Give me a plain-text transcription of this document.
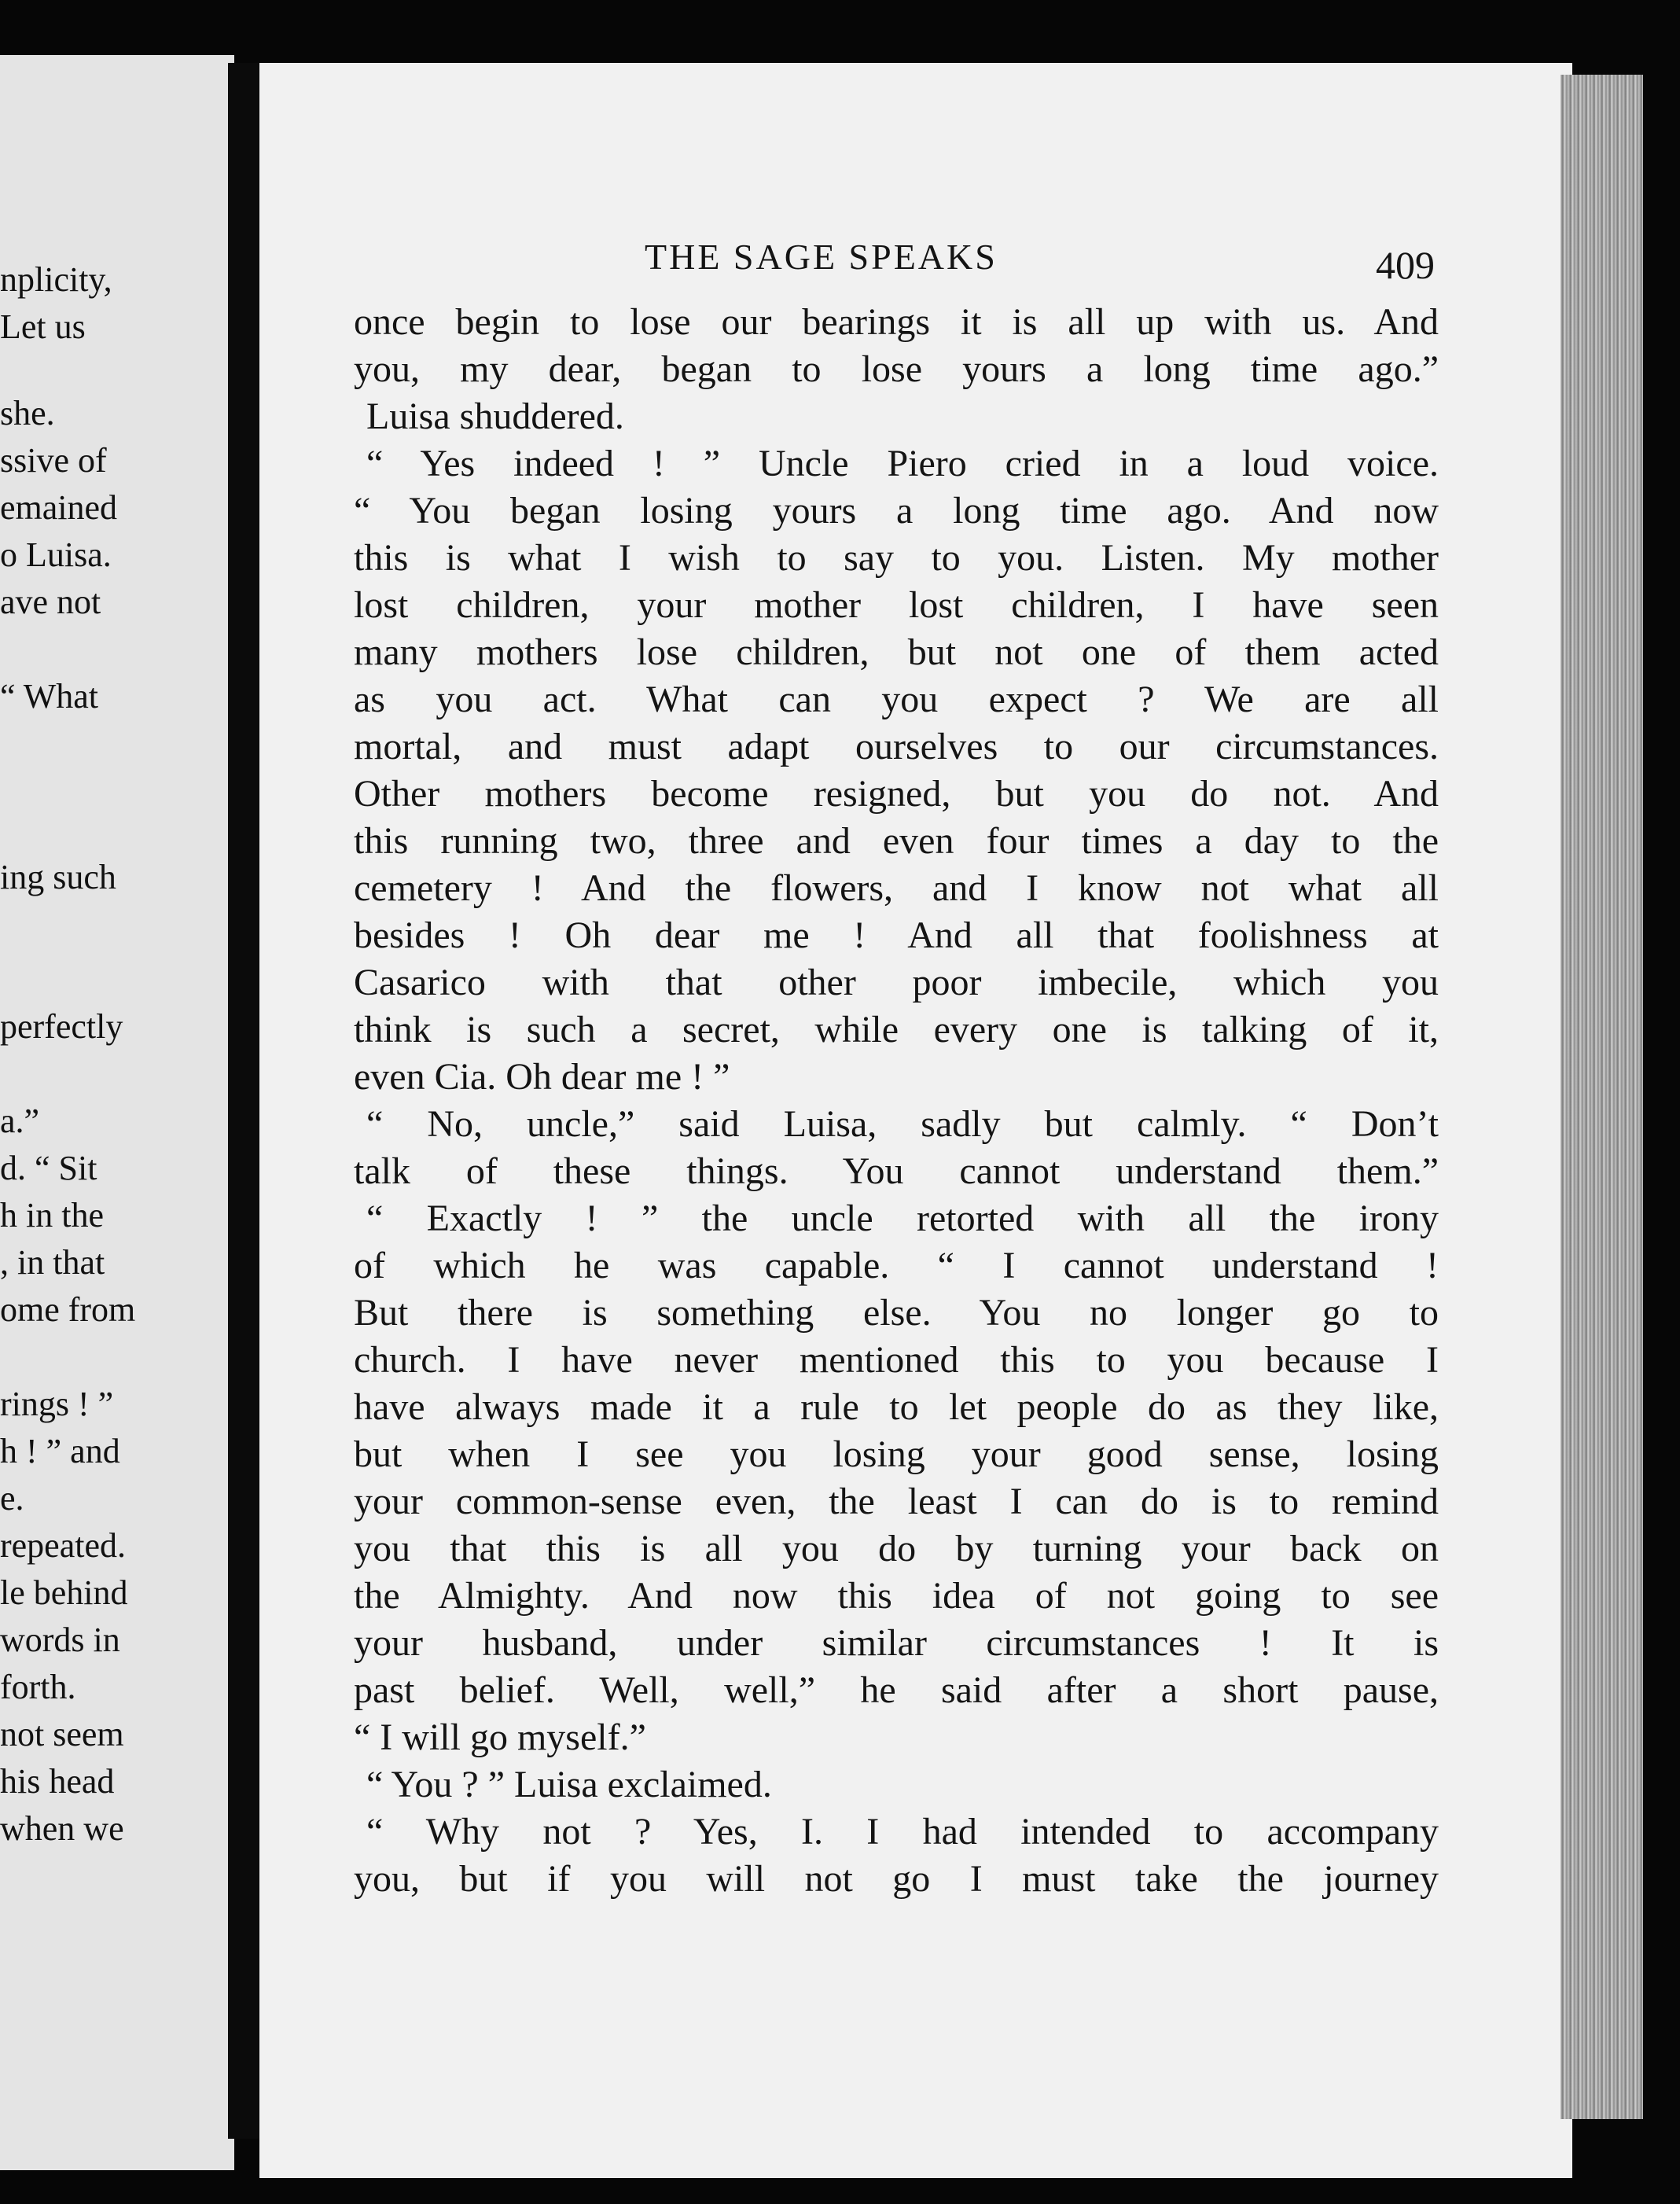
nplicity,
Let us
she.
ssive of
emained
o Luisa.
ave not
“ What
ing such
perfectly
a.”
d. “ Sit
h in the
, in that
ome from
rings ! ”
h ! ” and
e.
repeated.
le behind
words in
forth.
not seem
his head
when we
THE SAGE SPEAKS	409
once begin to lose our bearings it is all up with us. And
you, my dear, began to lose yours a long time ago.”
Luisa shuddered.
“ Yes indeed ! ” Uncle Piero cried in a loud voice.
“ You began losing yours a long time ago. And now
this is what I wish to say to you. Listen. My mother
lost children, your mother lost children, I have seen
many mothers lose children, but not one of them acted
as you act. What can you expect ? We are all
mortal, and must adapt ourselves to our circumstances.
Other mothers become resigned, but you do not. And
this running two, three and even four times a day to the
cemetery ! And the flowers, and I know not what all
besides ! Oh dear me ! And all that foolishness at
Casarico with that other poor imbecile, which you
think is such a secret, while every one is talking of it,
even Cia. Oh dear me ! ”
“ No, uncle,” said Luisa, sadly but calmly. “ Don’t
talk of these things. You cannot understand them.”
“ Exactly ! ” the uncle retorted with all the irony
of which he was capable. “ I cannot understand !
But there is something else. You no longer go to
church. I have never mentioned this to you because I
have always made it a rule to let people do as they like,
but when I see you losing your good sense, losing
your common-sense even, the least I can do is to remind
you that this is all you do by turning your back on
the Almighty. And now this idea of not going to see
your husband, under similar circumstances ! It is
past belief. Well, well,” he said after a short pause,
“ I will go myself.”
“ You ? ” Luisa exclaimed.
“ Why not ? Yes, I. I had intended to accompany
you, but if you will not go I must take the journey
